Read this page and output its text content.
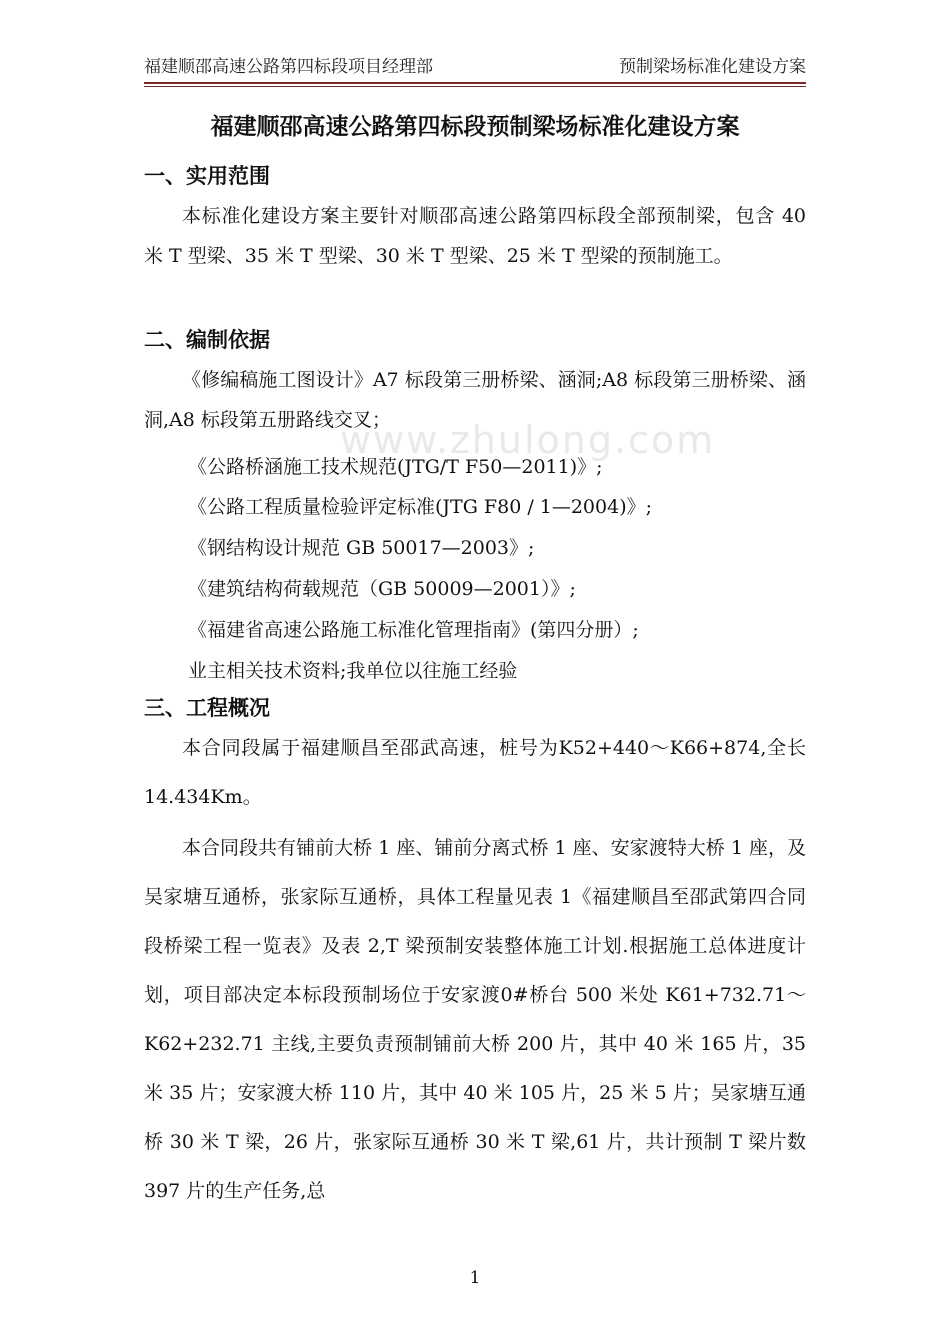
福建顺邵高速公路第四标段项目经理部	预制梁场标准化建设方案
福建顺邵高速公路第四标段预制梁场标准化建设方案
一、实用范围
本标准化建设方案主要针对顺邵高速公路第四标段全部预制梁，包含 40 米 T 型梁、35 米 T 型梁、30 米 T 型梁、25 米 T 型梁的预制施工。
二、编制依据
《修编稿施工图设计》A7 标段第三册桥梁、涵洞;A8 标段第三册桥梁、涵洞,A8 标段第五册路线交叉；
www.zhulong.com
《公路桥涵施工技术规范(JTG/T F50—2011)》;
《公路工程质量检验评定标准(JTG F80 / 1—2004)》;
《钢结构设计规范 GB 50017—2003》;
《建筑结构荷载规范（GB 50009—2001）》;
《福建省高速公路施工标准化管理指南》(第四分册）;
业主相关技术资料;我单位以往施工经验
三、工程概况
本合同段属于福建顺昌至邵武高速，桩号为K52+440～K66+874,全长 14.434Km。
本合同段共有铺前大桥 1 座、铺前分离式桥 1 座、安家渡特大桥 1 座，及吴家塘互通桥，张家际互通桥，具体工程量见表 1《福建顺昌至邵武第四合同段桥梁工程一览表》及表 2,T 梁预制安装整体施工计划.根据施工总体进度计划，项目部决定本标段预制场位于安家渡0#桥台 500 米处 K61+732.71～K62+232.71 主线,主要负责预制铺前大桥 200 片，其中 40 米 165 片，35 米 35 片；安家渡大桥 110 片，其中 40 米 105 片，25 米 5 片；吴家塘互通桥 30 米 T 梁，26 片，张家际互通桥 30 米 T 梁,61 片，共计预制 T 梁片数 397 片的生产任务,总
1
